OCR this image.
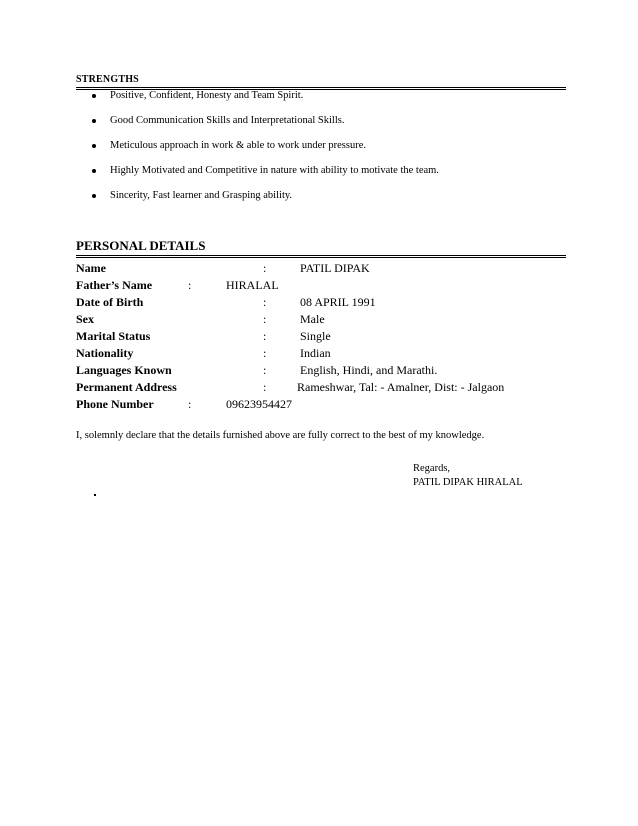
STRENGTHS
Positive, Confident, Honesty and Team Spirit.
Good Communication Skills and Interpretational Skills.
Meticulous approach in work & able to work under pressure.
Highly Motivated and Competitive in nature with ability to motivate the team.
Sincerity, Fast learner and Grasping ability.
PERSONAL DETAILS
Name	:	PATIL DIPAK
Father’s Name	:	HIRALAL
Date of Birth	:	08 APRIL 1991
Sex	:	Male
Marital Status	:	Single
Nationality	:	Indian
Languages Known	:	English, Hindi, and Marathi.
Permanent Address	:	Rameshwar, Tal: - Amalner, Dist: - Jalgaon
Phone Number	:	09623954427
I, solemnly declare that the details furnished above are fully correct to the best of my knowledge.
Regards,
PATIL DIPAK HIRALAL
